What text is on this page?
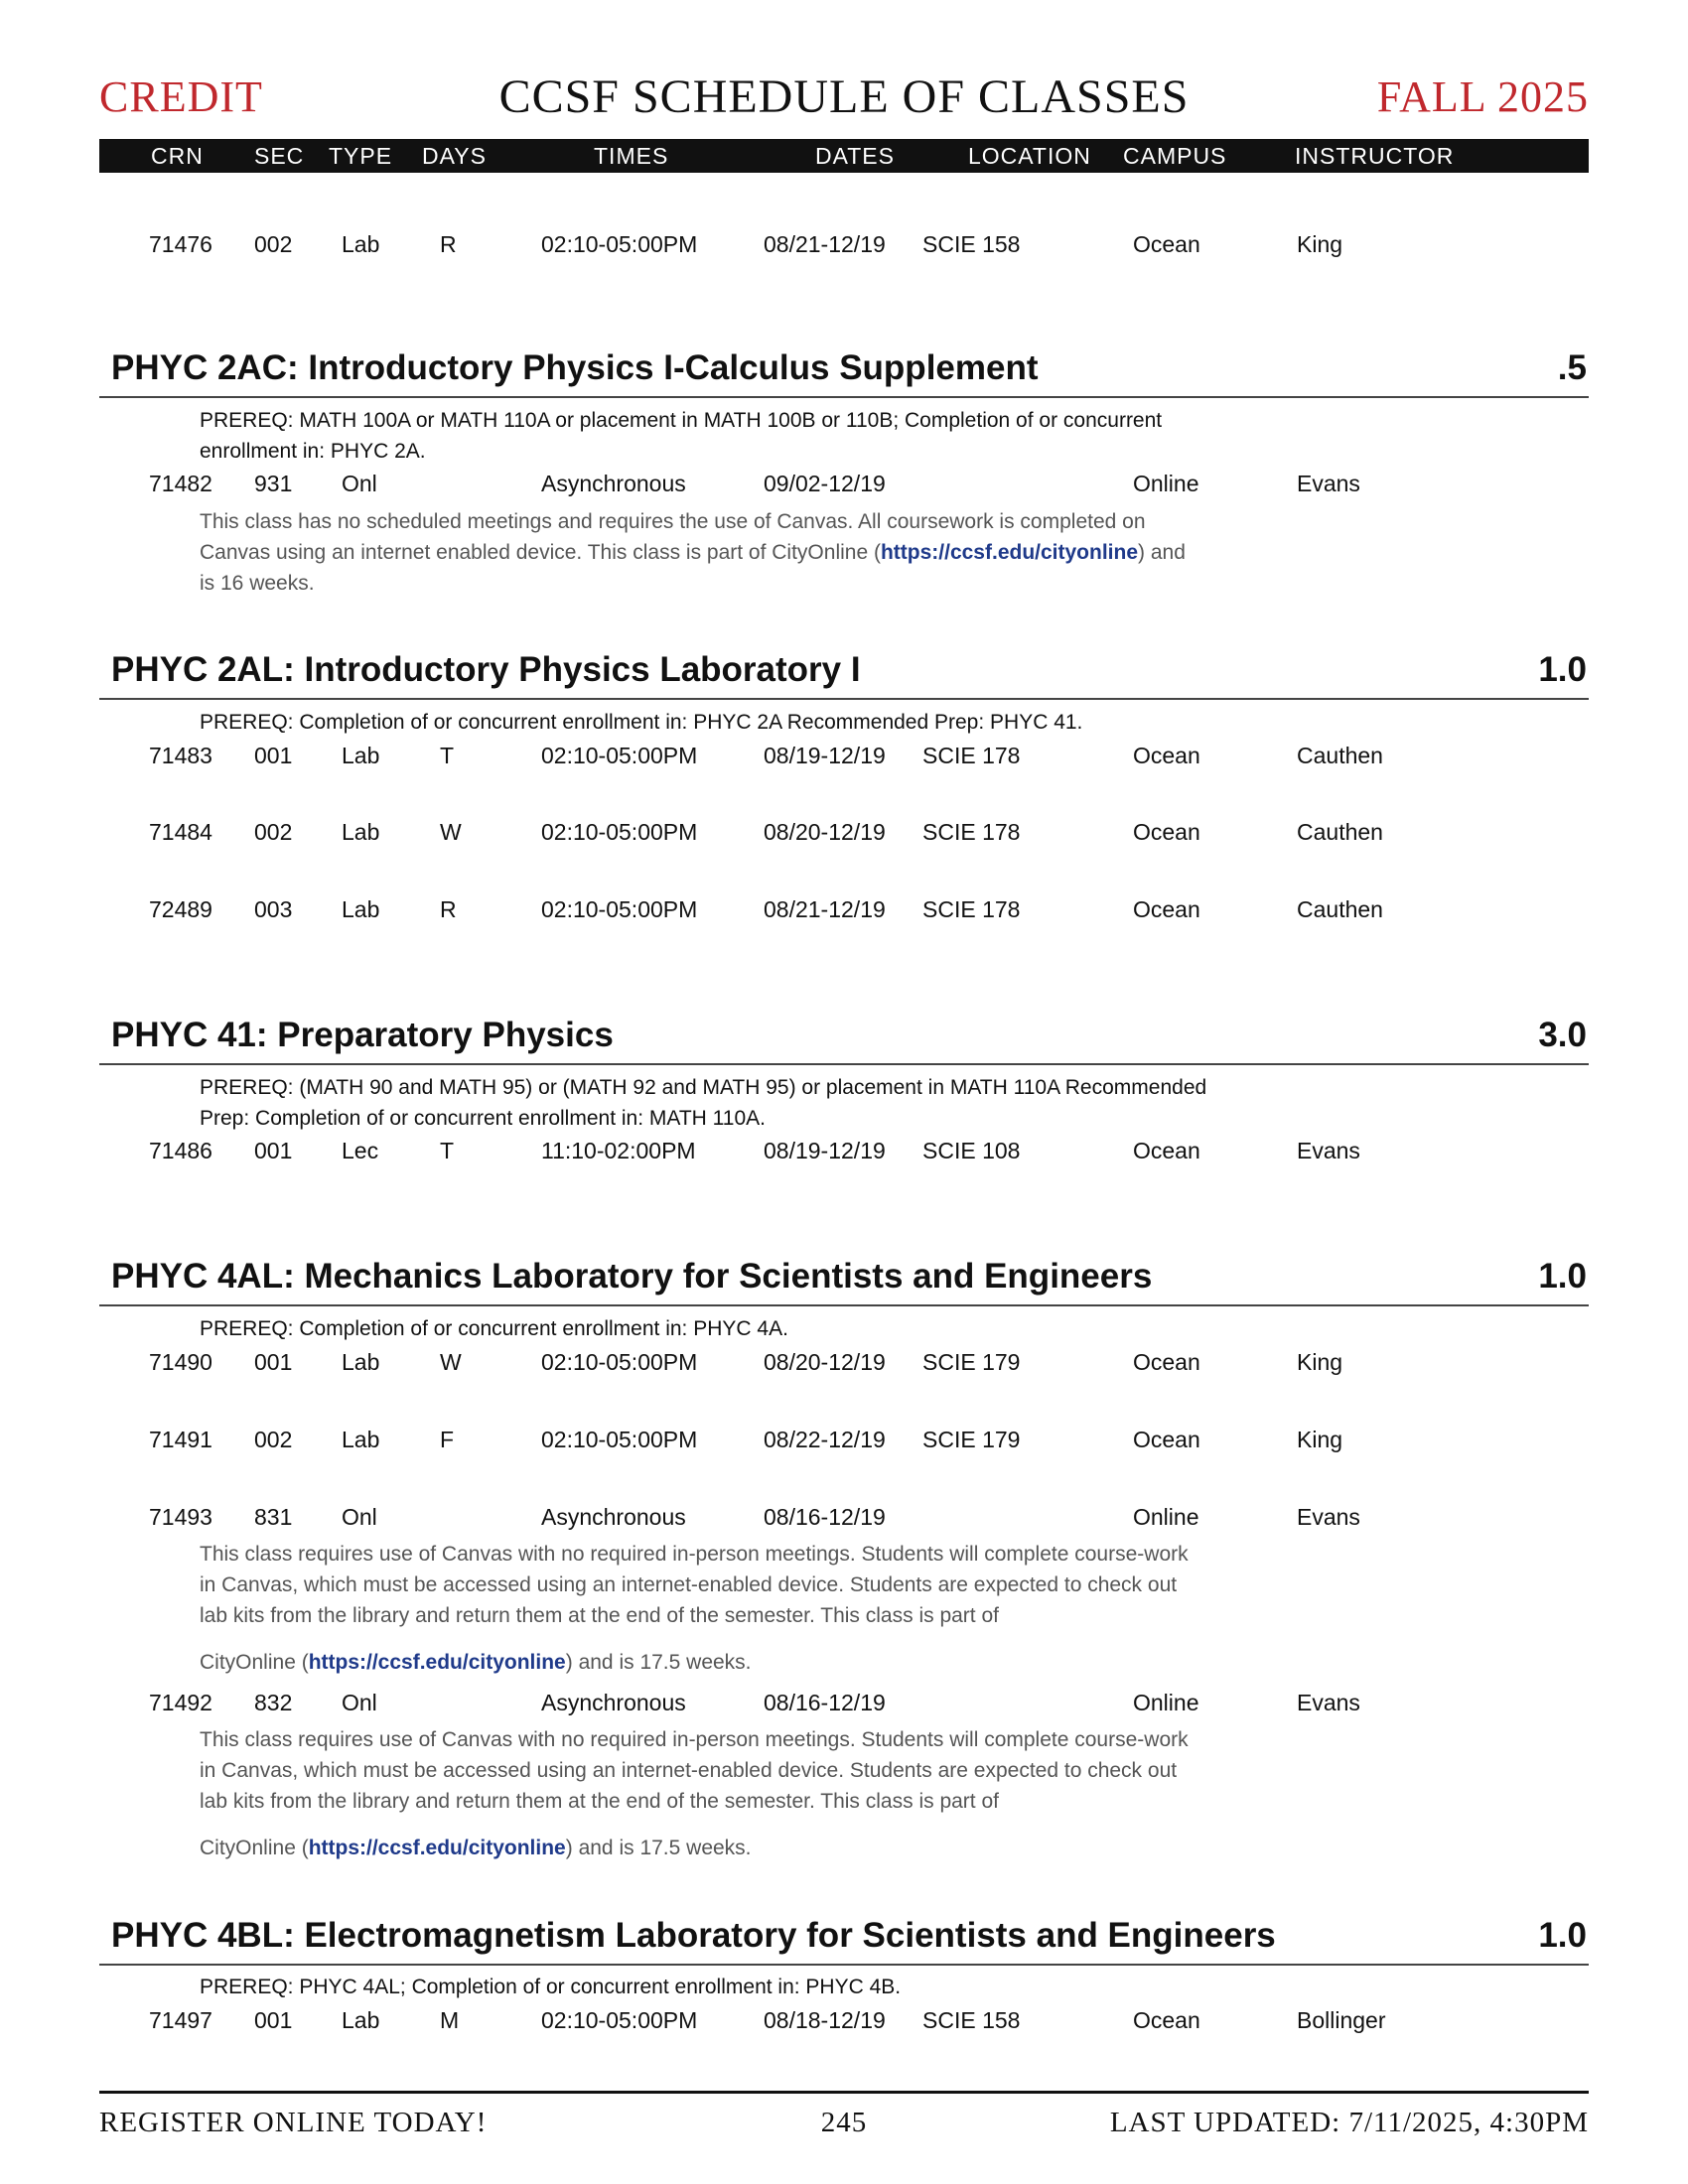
CREDIT	CCSF SCHEDULE OF CLASSES	FALL 2025
CRN SEC TYPE DAYS	TIMES	DATES	LOCATION CAMPUS	INSTRUCTOR
71476 002 Lab	R	02:10-05:00PM	08/21-12/19 SCIE 158	Ocean	King
PHYC 2AC: Introductory Physics I-Calculus Supplement	.5
PREREQ: MATH 100A or MATH 110A or placement in MATH 100B or 110B; Completion of or concurrent
enrollment in: PHYC 2A.
71482 931 Onl	Asynchronous	09/02-12/19	Online	Evans
This class has no scheduled meetings and requires the use of Canvas. All coursework is completed on
Canvas using an internet enabled device. This class is part of CityOnline (https://ccsf.edu/cityonline) and
is 16 weeks.
PHYC 2AL: Introductory Physics Laboratory I	1.0
PREREQ: Completion of or concurrent enrollment in: PHYC 2A Recommended Prep: PHYC 41.
71483 001 Lab	T	02:10-05:00PM	08/19-12/19 SCIE 178	Ocean	Cauthen
71484 002 Lab	W	02:10-05:00PM	08/20-12/19 SCIE 178	Ocean	Cauthen
72489 003 Lab	R	02:10-05:00PM	08/21-12/19 SCIE 178	Ocean	Cauthen
PHYC 41: Preparatory Physics	3.0
PREREQ: (MATH 90 and MATH 95) or (MATH 92 and MATH 95) or placement in MATH 110A Recommended
Prep: Completion of or concurrent enrollment in: MATH 110A.
71486 001 Lec	T	11:10-02:00PM	08/19-12/19 SCIE 108	Ocean	Evans
PHYC 4AL: Mechanics Laboratory for Scientists and Engineers	1.0
PREREQ: Completion of or concurrent enrollment in: PHYC 4A.
71490 001 Lab	W	02:10-05:00PM	08/20-12/19 SCIE 179	Ocean	King
71491 002 Lab	F	02:10-05:00PM	08/22-12/19 SCIE 179	Ocean	King
71493 831 Onl	Asynchronous	08/16-12/19	Online	Evans
This class requires use of Canvas with no required in-person meetings. Students will complete course-work
in Canvas, which must be accessed using an internet-enabled device. Students are expected to check out
lab kits from the library and return them at the end of the semester. This class is part of
CityOnline (https://ccsf.edu/cityonline) and is 17.5 weeks.
71492 832 Onl	Asynchronous	08/16-12/19	Online	Evans
This class requires use of Canvas with no required in-person meetings. Students will complete course-work
in Canvas, which must be accessed using an internet-enabled device. Students are expected to check out
lab kits from the library and return them at the end of the semester. This class is part of
CityOnline (https://ccsf.edu/cityonline) and is 17.5 weeks.
PHYC 4BL: Electromagnetism Laboratory for Scientists and Engineers	1.0
PREREQ: PHYC 4AL; Completion of or concurrent enrollment in: PHYC 4B.
71497 001 Lab	M	02:10-05:00PM	08/18-12/19 SCIE 158	Ocean	Bollinger
REGISTER ONLINE TODAY!	245	LAST UPDATED: 7/11/2025, 4:30PM
